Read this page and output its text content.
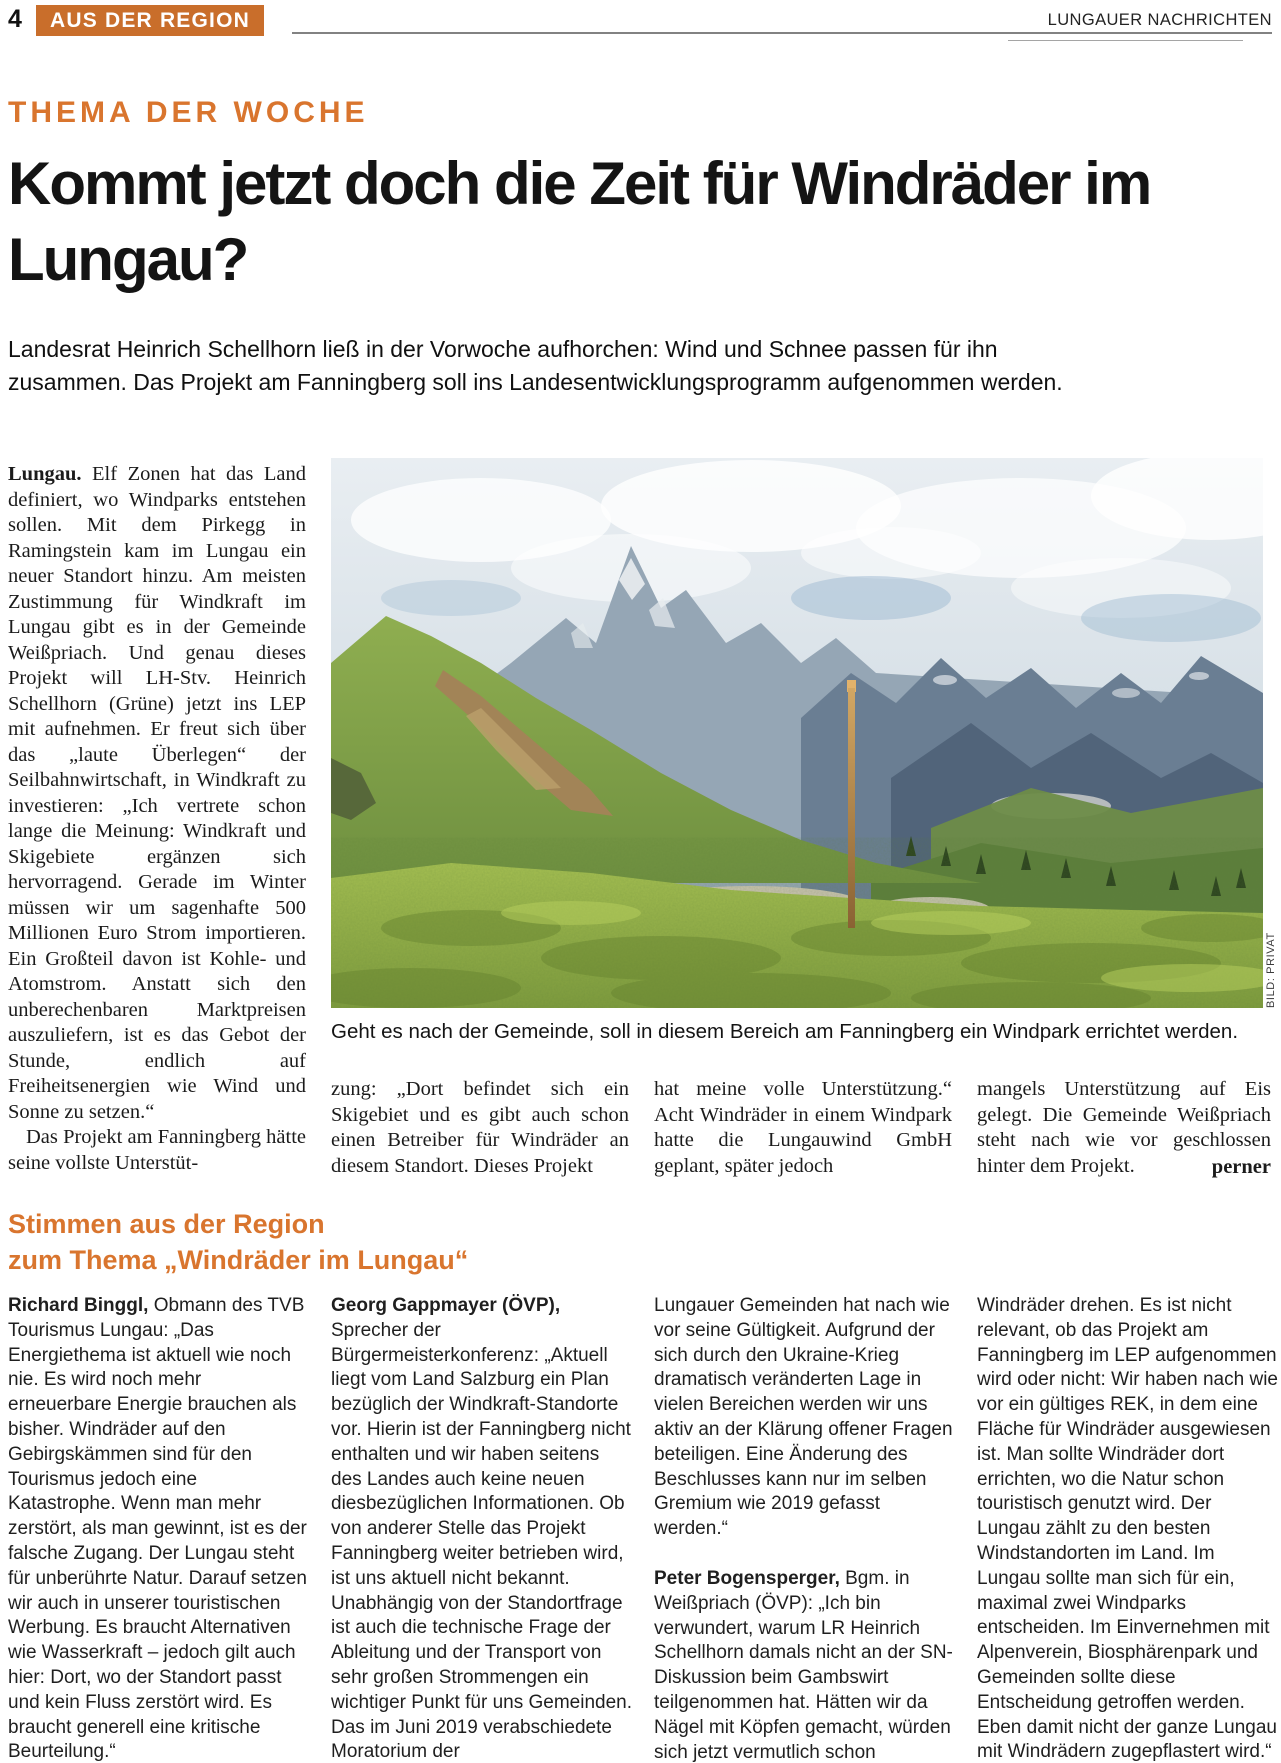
4	AUS DER REGION	LUNGAUER NACHRICHTEN
THEMA DER WOCHE
Kommt jetzt doch die Zeit für Windräder im Lungau?
Landesrat Heinrich Schellhorn ließ in der Vorwoche aufhorchen: Wind und Schnee passen für ihn zusammen. Das Projekt am Fanningberg soll ins Landesentwicklungsprogramm aufgenommen werden.

Lungau. Elf Zonen hat das Land definiert, wo Windparks entstehen sollen. Mit dem Pirkegg in Ramingstein kam im Lungau ein neuer Standort hinzu. Am meisten Zustimmung für Windkraft im Lungau gibt es in der Gemeinde Weißpriach. Und genau dieses Projekt will LH-Stv. Heinrich Schellhorn (Grüne) jetzt ins LEP mit aufnehmen. Er freut sich über das „laute Überlegen“ der Seilbahnwirtschaft, in Windkraft zu investieren: „Ich vertrete schon lange die Meinung: Windkraft und Skigebiete ergänzen sich hervorragend. Gerade im Winter müssen wir um sagenhafte 500 Millionen Euro Strom importieren. Ein Großteil davon ist Kohle- und Atomstrom. Anstatt sich den unberechenbaren Marktpreisen auszuliefern, ist es das Gebot der Stunde, endlich auf Freiheitsenergien wie Wind und Sonne zu setzen.“

Das Projekt am Fanningberg hätte seine vollste Unterstüt-

BILD: PRIVAT
Geht es nach der Gemeinde, soll in diesem Bereich am Fanningberg ein Windpark errichtet werden.
zung: „Dort befindet sich ein Skigebiet und es gibt auch schon einen Betreiber für Windräder an diesem Standort. Dieses Projekt
hat meine volle Unterstützung.“ Acht Windräder in einem Windpark hatte die Lungauwind GmbH geplant, später jedoch
mangels Unterstützung auf Eis gelegt. Die Gemeinde Weißpriach steht nach wie vor geschlossen hinter dem Projekt.	perner
Stimmen aus der Region
zum Thema „Windräder im Lungau“

Richard Binggl, Obmann des TVB Tourismus Lungau: „Das Energiethema ist aktuell wie noch nie. Es wird noch mehr erneuerbare Energie brauchen als bisher. Windräder auf den Gebirgskämmen sind für den Tourismus jedoch eine Katastrophe. Wenn man mehr zerstört, als man gewinnt, ist es der falsche Zugang. Der Lungau steht für unberührte Natur. Darauf setzen wir auch in unserer touristischen Werbung. Es braucht Alternativen wie Wasserkraft – jedoch gilt auch hier: Dort, wo der Standort passt und kein Fluss zerstört wird. Es braucht generell eine kritische Beurteilung.“

Georg Gappmayer (ÖVP), Sprecher der Bürgermeisterkonferenz: „Aktuell liegt vom Land Salzburg ein Plan bezüglich der Windkraft-Standorte vor. Hierin ist der Fanningberg nicht enthalten und wir haben seitens des Landes auch keine neuen diesbezüglichen Informationen. Ob von anderer Stelle das Projekt Fanningberg weiter betrieben wird, ist uns aktuell nicht bekannt. Unabhängig von der Standortfrage ist auch die technische Frage der Ableitung und der Transport von sehr großen Strommengen ein wichtiger Punkt für uns Gemeinden. Das im Juni 2019 verabschiedete Moratorium der

Lungauer Gemeinden hat nach wie vor seine Gültigkeit. Aufgrund der sich durch den Ukraine-Krieg dramatisch veränderten Lage in vielen Bereichen werden wir uns aktiv an der Klärung offener Fragen beteiligen. Eine Änderung des Beschlusses kann nur im selben Gremium wie 2019 gefasst werden.“

Peter Bogensperger, Bgm. in Weißpriach (ÖVP): „Ich bin verwundert, warum LR Heinrich Schellhorn damals nicht an der SN-Diskussion beim Gambswirt teilgenommen hat. Hätten wir da Nägel mit Köpfen gemacht, würden sich jetzt vermutlich schon

Windräder drehen. Es ist nicht relevant, ob das Projekt am Fanningberg im LEP aufgenommen wird oder nicht: Wir haben nach wie vor ein gültiges REK, in dem eine Fläche für Windräder ausgewiesen ist. Man sollte Windräder dort errichten, wo die Natur schon touristisch genutzt wird. Der Lungau zählt zu den besten Windstandorten im Land. Im Lungau sollte man sich für ein, maximal zwei Windparks entscheiden. Im Einvernehmen mit Alpenverein, Biosphärenpark und Gemeinden sollte diese Entscheidung getroffen werden. Eben damit nicht der ganze Lungau mit Windrädern zugepflastert wird.“
